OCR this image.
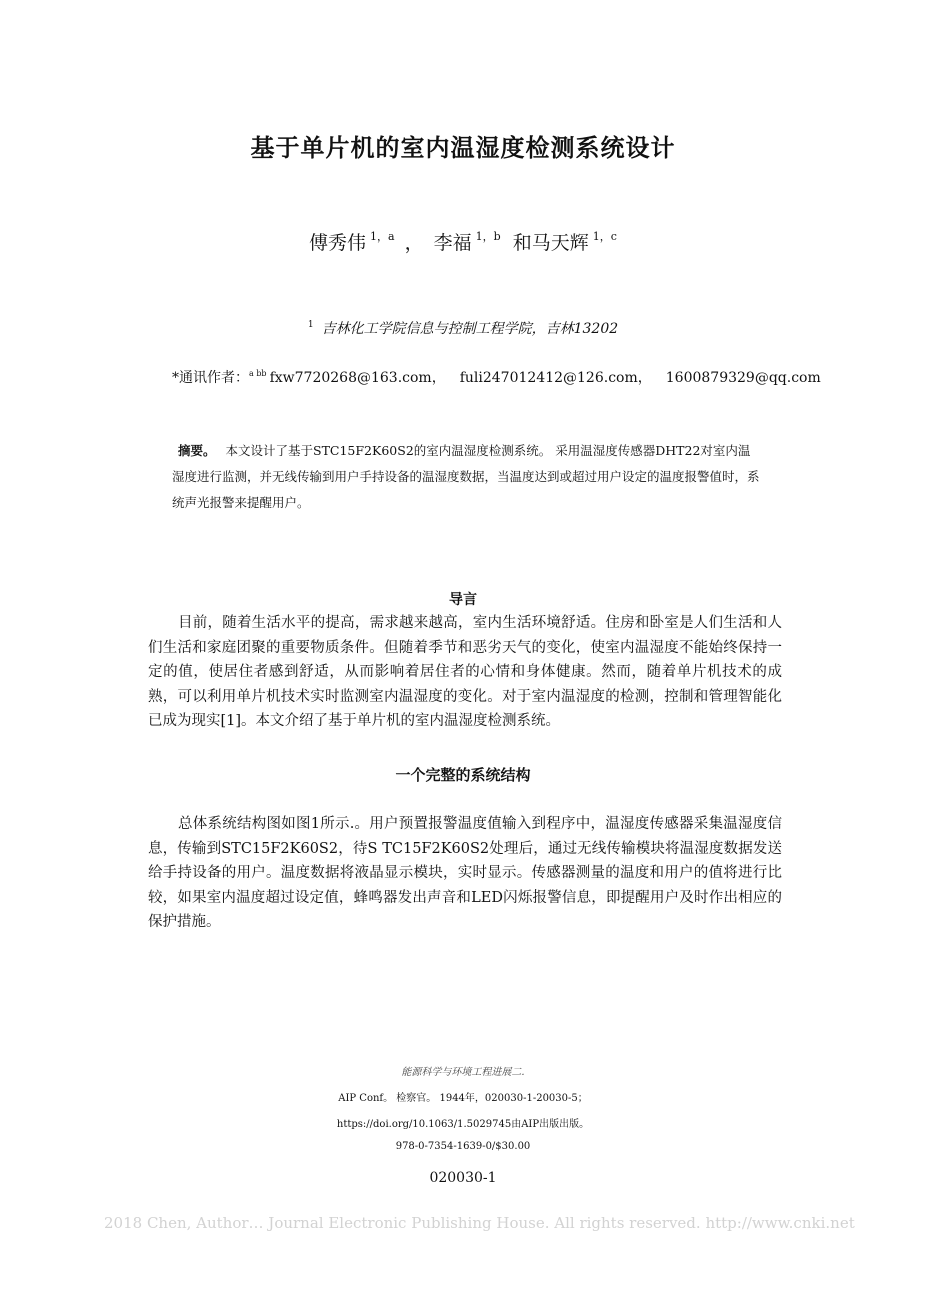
基于单片机的室内温湿度检测系统设计
傅秀伟 $^{1,a}$ ， 李福 $^{1,b}$ 和马天辉 $^{1,c}$
$^1$ 吉林化工学院信息与控制工程学院，吉林13202
*通讯作者：$^{a bb}$ fxw7720268@163.com， fuli247012412@126.com， 1600879329@qq.com
摘要。 本文设计了基于STC15F2K60S2的室内温湿度检测系统。 采用温湿度传感器DHT22对室内温湿度进行监测，并无线传输到用户手持设备的温湿度数据，当温度达到或超过用户设定的温度报警值时，系统声光报警来提醒用户。
导言
目前，随着生活水平的提高，需求越来越高，室内生活环境舒适。住房和卧室是人们生活和人们生活和家庭团聚的重要物质条件。但随着季节和恶劣天气的变化，使室内温湿度不能始终保持一定的值，使居住者感到舒适，从而影响着居住者的心情和身体健康。然而，随着单片机技术的成熟，可以利用单片机技术实时监测室内温湿度的变化。对于室内温湿度的检测，控制和管理智能化已成为现实[1]。本文介绍了基于单片机的室内温湿度检测系统。
一个完整的系统结构
总体系统结构图如图1所示.。用户预置报警温度值输入到程序中，温湿度传感器采集温湿度信息，传输到STC15F2K60S2，待S TC15F2K60S2处理后，通过无线传输模块将温湿度数据发送给手持设备的用户。温度数据将液晶显示模块，实时显示。传感器测量的温度和用户的值将进行比较，如果室内温度超过设定值，蜂鸣器发出声音和LED闪烁报警信息，即提醒用户及时作出相应的保护措施。
能源科学与环境工程进展二.
AIP Conf。 检察官。 1944年，020030-1-20030-5；
https://doi.org/10.1063/1.5029745由AIP出版出版。
978-0-7354-1639-0/$30.00
020030-1
2018 Chen, Author… Journal Electronic Publishing House. All rights reserved. http://www.cnki.net
